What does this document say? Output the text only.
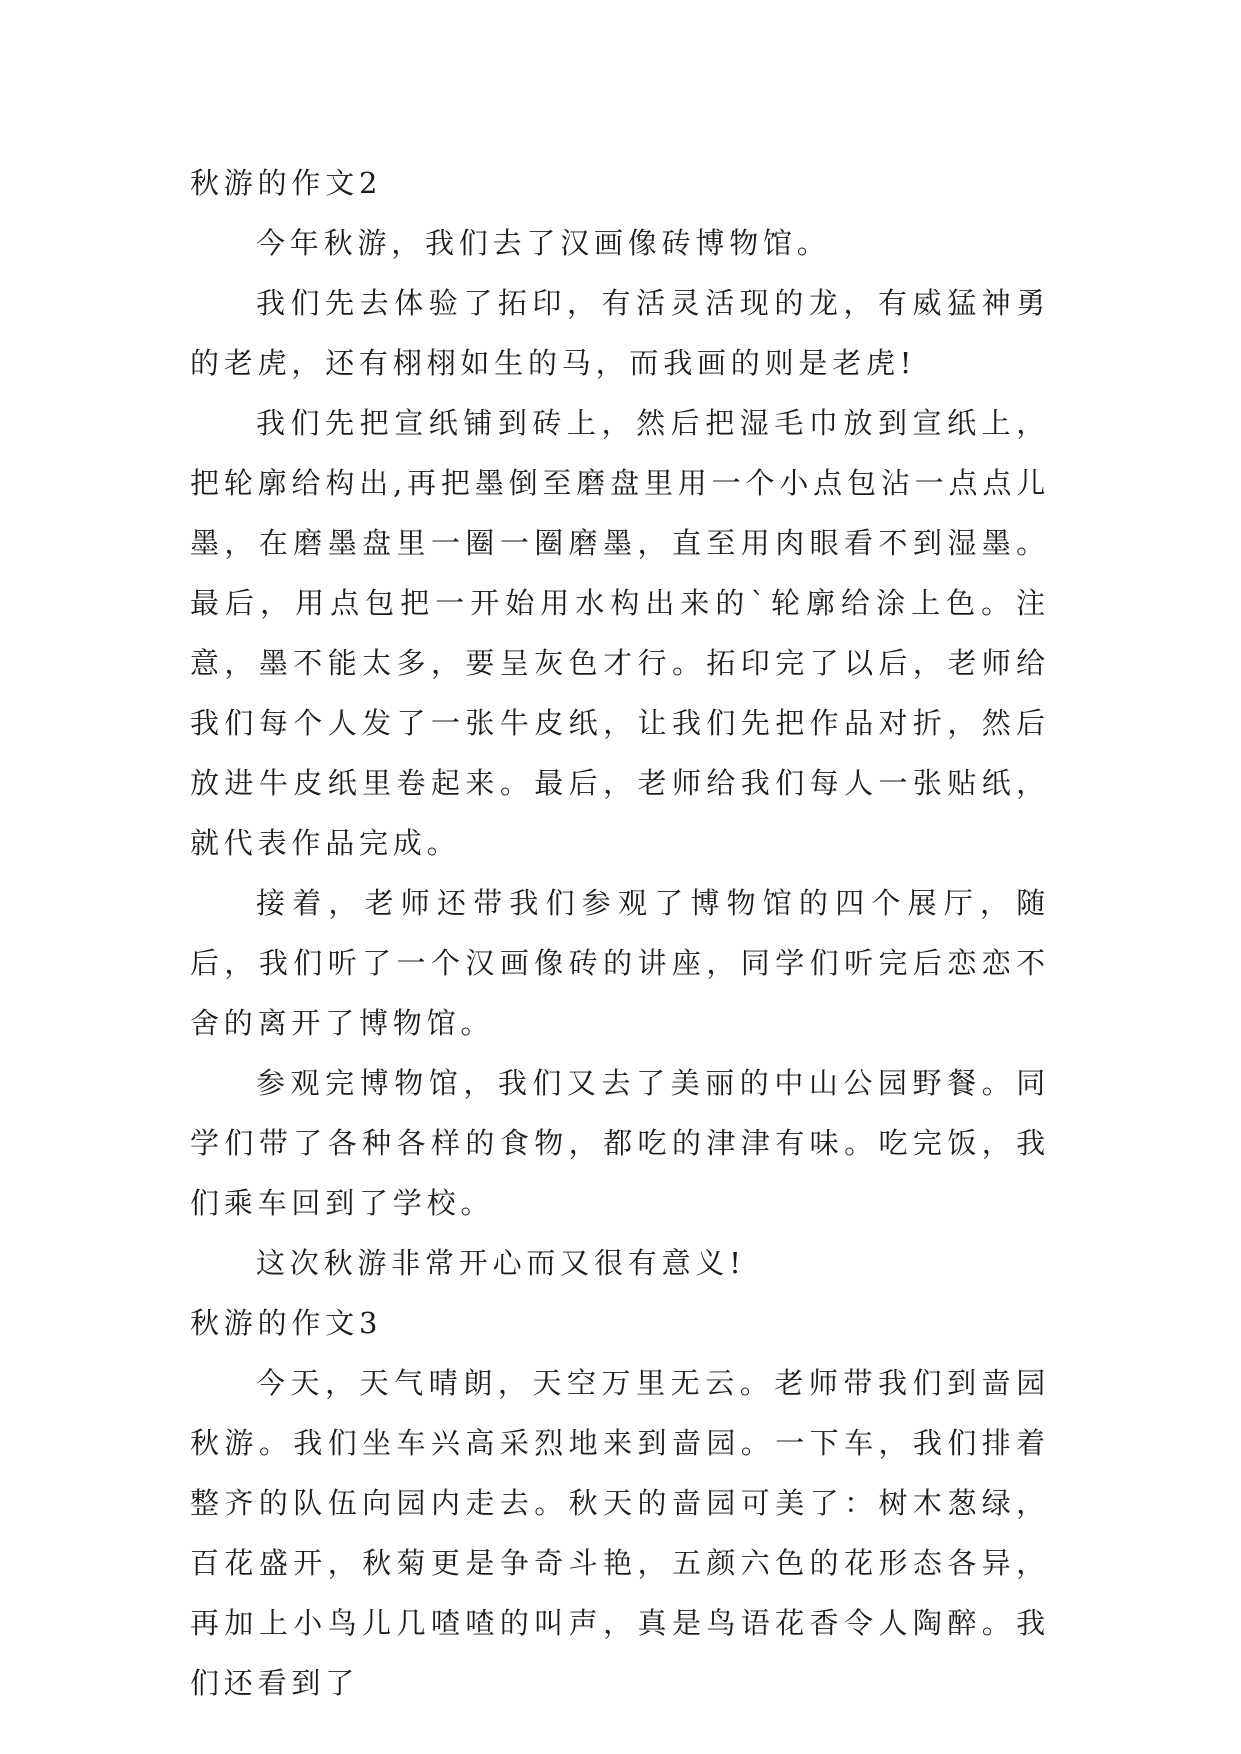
秋游的作文2

今年秋游，我们去了汉画像砖博物馆。

我们先去体验了拓印，有活灵活现的龙，有威猛神勇的老虎，还有栩栩如生的马，而我画的则是老虎!

我们先把宣纸铺到砖上，然后把湿毛巾放到宣纸上，把轮廓给构出,再把墨倒至磨盘里用一个小点包沾一点点儿墨，在磨墨盘里一圈一圈磨墨，直至用肉眼看不到湿墨。最后，用点包把一开始用水构出来的`轮廓给涂上色。注意，墨不能太多，要呈灰色才行。拓印完了以后，老师给我们每个人发了一张牛皮纸，让我们先把作品对折，然后放进牛皮纸里卷起来。最后，老师给我们每人一张贴纸，就代表作品完成。

接着，老师还带我们参观了博物馆的四个展厅，随后，我们听了一个汉画像砖的讲座，同学们听完后恋恋不舍的离开了博物馆。

参观完博物馆，我们又去了美丽的中山公园野餐。同学们带了各种各样的食物，都吃的津津有味。吃完饭，我们乘车回到了学校。

这次秋游非常开心而又很有意义!

秋游的作文3

今天，天气晴朗，天空万里无云。老师带我们到啬园秋游。我们坐车兴高采烈地来到啬园。一下车，我们排着整齐的队伍向园内走去。秋天的啬园可美了：树木葱绿，百花盛开，秋菊更是争奇斗艳，五颜六色的花形态各异，再加上小鸟儿几喳喳的叫声，真是鸟语花香令人陶醉。我们还看到了
